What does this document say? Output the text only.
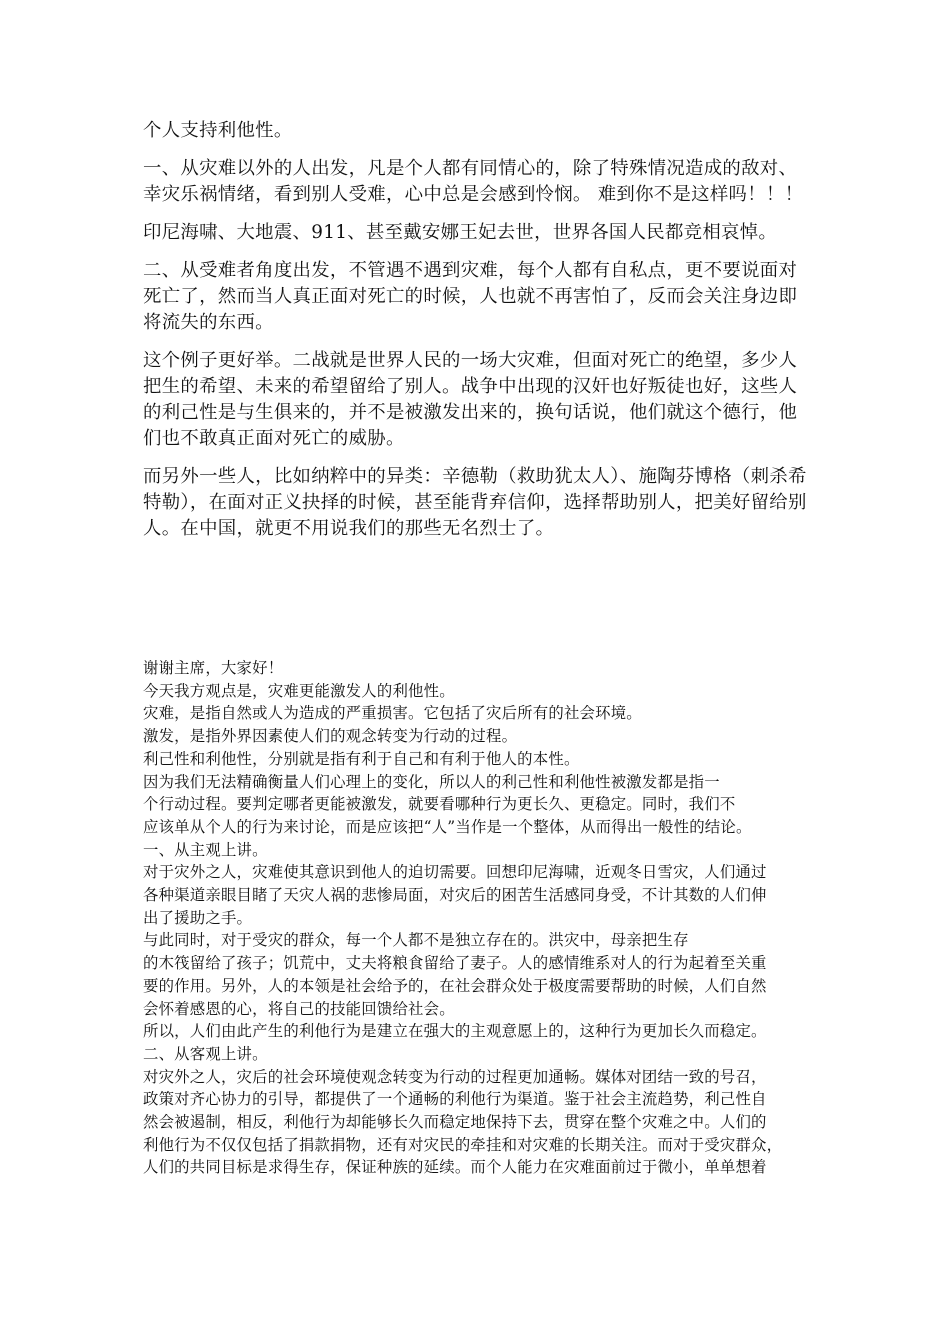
个人支持利他性。

一、从灾难以外的人出发，凡是个人都有同情心的，除了特殊情况造成的敌对、幸灾乐祸情绪，看到别人受难，心中总是会感到怜悯。 难到你不是这样吗！！！

印尼海啸、大地震、911、甚至戴安娜王妃去世，世界各国人民都竞相哀悼。

二、从受难者角度出发，不管遇不遇到灾难，每个人都有自私点，更不要说面对死亡了，然而当人真正面对死亡的时候，人也就不再害怕了，反而会关注身边即将流失的东西。

这个例子更好举。二战就是世界人民的一场大灾难，但面对死亡的绝望，多少人把生的希望、未来的希望留给了别人。战争中出现的汉奸也好叛徒也好，这些人的利己性是与生俱来的，并不是被激发出来的，换句话说，他们就这个德行，他们也不敢真正面对死亡的威胁。

而另外一些人，比如纳粹中的异类：辛德勒（救助犹太人）、施陶芬博格（刺杀希特勒），在面对正义抉择的时候，甚至能背弃信仰，选择帮助别人，把美好留给别人。在中国，就更不用说我们的那些无名烈士了。

谢谢主席，大家好！
今天我方观点是，灾难更能激发人的利他性。
灾难，是指自然或人为造成的严重损害。它包括了灾后所有的社会环境。
激发，是指外界因素使人们的观念转变为行动的过程。
利己性和利他性，分别就是指有利于自己和有利于他人的本性。
因为我们无法精确衡量人们心理上的变化，所以人的利己性和利他性被激发都是指一
个行动过程。要判定哪者更能被激发，就要看哪种行为更长久、更稳定。同时，我们不
应该单从个人的行为来讨论，而是应该把“人”当作是一个整体，从而得出一般性的结论。
一、从主观上讲。
对于灾外之人，灾难使其意识到他人的迫切需要。回想印尼海啸，近观冬日雪灾，人们通过
各种渠道亲眼目睹了天灾人祸的悲惨局面，对灾后的困苦生活感同身受，不计其数的人们伸
出了援助之手。
与此同时，对于受灾的群众，每一个人都不是独立存在的。洪灾中，母亲把生存
的木筏留给了孩子；饥荒中，丈夫将粮食留给了妻子。人的感情维系对人的行为起着至关重
要的作用。另外，人的本领是社会给予的，在社会群众处于极度需要帮助的时候，人们自然
会怀着感恩的心，将自己的技能回馈给社会。
所以，人们由此产生的利他行为是建立在强大的主观意愿上的，这种行为更加长久而稳定。
二、从客观上讲。
对灾外之人，灾后的社会环境使观念转变为行动的过程更加通畅。媒体对团结一致的号召，
政策对齐心协力的引导，都提供了一个通畅的利他行为渠道。鉴于社会主流趋势，利己性自
然会被遏制，相反，利他行为却能够长久而稳定地保持下去，贯穿在整个灾难之中。人们的
利他行为不仅仅包括了捐款捐物，还有对灾民的牵挂和对灾难的长期关注。而对于受灾群众，
人们的共同目标是求得生存，保证种族的延续。而个人能力在灾难面前过于微小，单单想着
